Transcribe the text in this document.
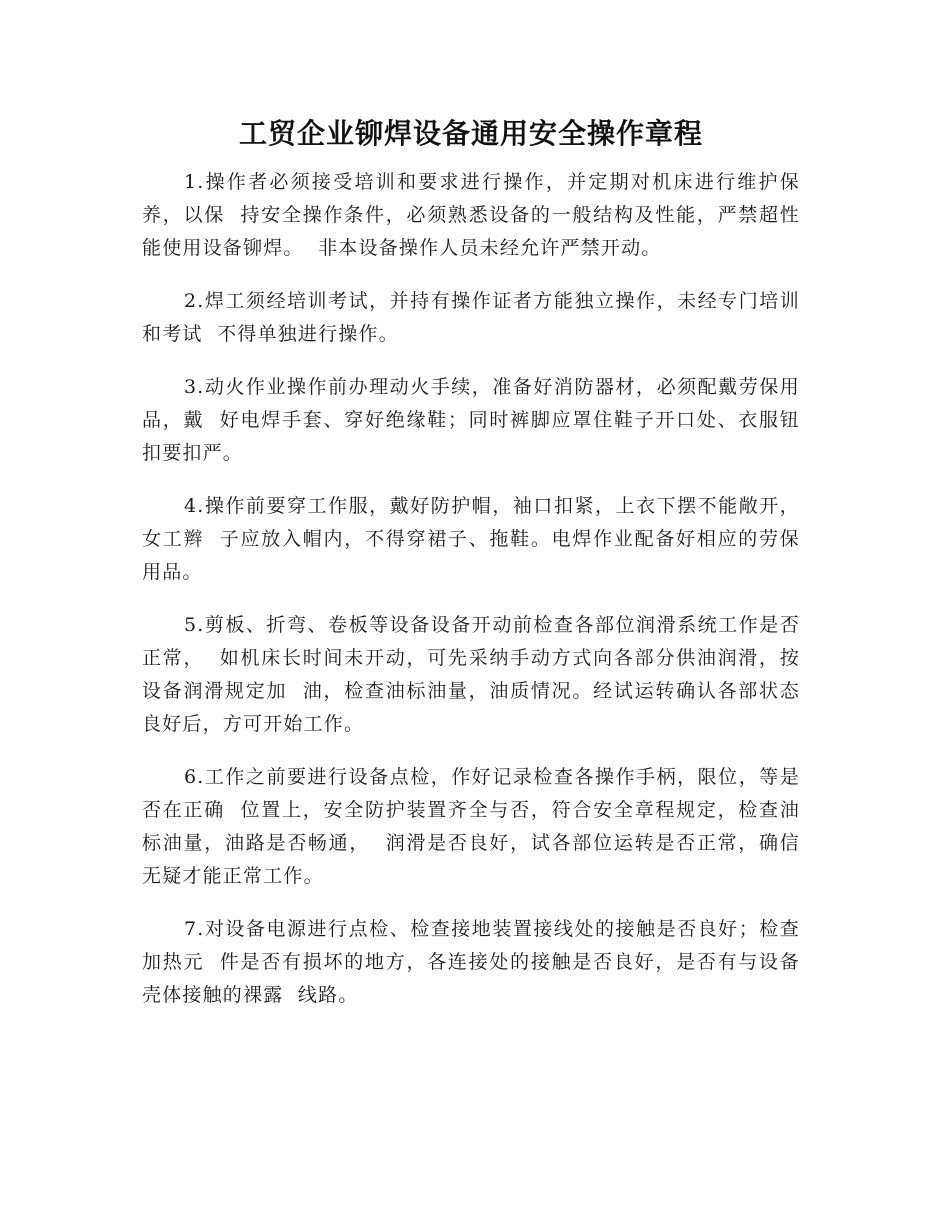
工贸企业铆焊设备通用安全操作章程

1.操作者必须接受培训和要求进行操作，并定期对机床进行维护保养，以保  持安全操作条件，必须熟悉设备的一般结构及性能，严禁超性能使用设备铆焊。  非本设备操作人员未经允许严禁开动。

2.焊工须经培训考试，并持有操作证者方能独立操作，未经专门培训和考试  不得单独进行操作。

3.动火作业操作前办理动火手续，准备好消防器材，必须配戴劳保用品，戴  好电焊手套、穿好绝缘鞋；同时裤脚应罩住鞋子开口处、衣服钮扣要扣严。

4.操作前要穿工作服，戴好防护帽，袖口扣紧，上衣下摆不能敞开，女工辫  子应放入帽内，不得穿裙子、拖鞋。电焊作业配备好相应的劳保用品。

5.剪板、折弯、卷板等设备设备开动前检查各部位润滑系统工作是否正常，  如机床长时间未开动，可先采纳手动方式向各部分供油润滑，按设备润滑规定加  油，检查油标油量，油质情况。经试运转确认各部状态良好后，方可开始工作。

6.工作之前要进行设备点检，作好记录检查各操作手柄，限位，等是否在正确  位置上，安全防护装置齐全与否，符合安全章程规定，检查油标油量，油路是否畅通，  润滑是否良好，试各部位运转是否正常，确信无疑才能正常工作。

7.对设备电源进行点检、检查接地装置接线处的接触是否良好；检查加热元  件是否有损坏的地方，各连接处的接触是否良好，是否有与设备壳体接触的裸露  线路。
